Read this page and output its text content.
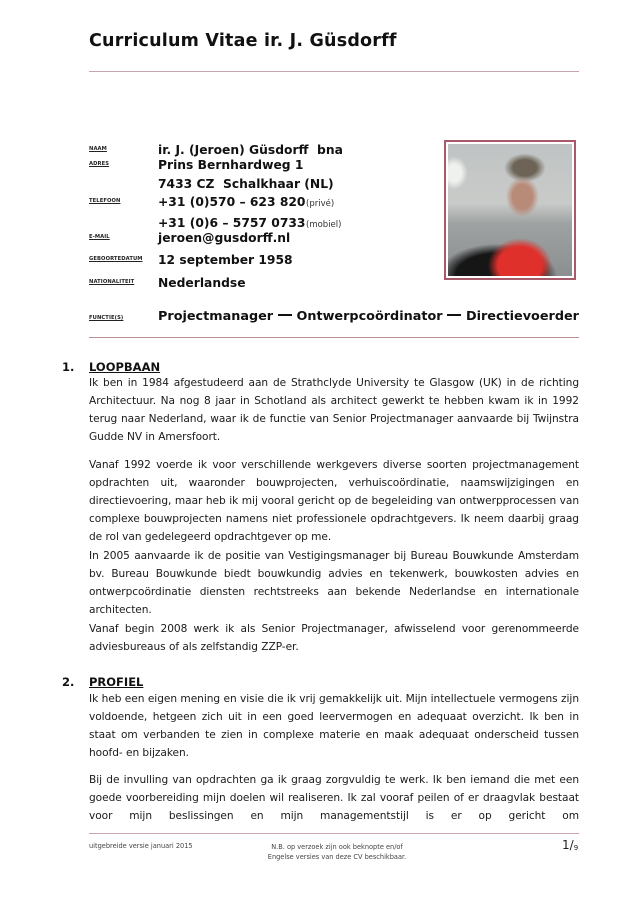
Curriculum Vitae ir. J. Güsdorff
NAAM	ir. J. (Jeroen) Güsdorff  bna
ADRES	Prins Bernhardweg 1
7433 CZ  Schalkhaar (NL)
TELEFOON	+31 (0)570 – 623 820 (privé)
+31 (0)6 – 5757 0733 (mobiel)
E-MAIL	jeroen@gusdorff.nl
GEBOORTEDATUM	12 september 1958
NATIONALITEIT	Nederlandse
FUNCTIE(S)	Projectmanager Ontwerpcoördinator Directievoerder
1.	LOOPBAAN

Ik ben in 1984 afgestudeerd aan de Strathclyde University te Glasgow (UK) in de richting Architectuur. Na nog 8 jaar in Schotland als architect gewerkt te hebben kwam ik in 1992 terug naar Nederland, waar ik de functie van Senior Projectmanager aanvaarde bij Twijnstra Gudde NV in Amersfoort.

Vanaf 1992 voerde ik voor verschillende werkgevers diverse soorten projectmanagement opdrachten uit, waaronder bouwprojecten, verhuiscoördinatie, naamswijzigingen en directievoering, maar heb ik mij vooral gericht op de begeleiding van ontwerpprocessen van complexe bouwprojecten namens niet professionele opdrachtgevers. Ik neem daarbij graag de rol van gedelegeerd opdrachtgever op me.

In 2005 aanvaarde ik de positie van Vestigingsmanager bij Bureau Bouwkunde Amsterdam bv. Bureau Bouwkunde biedt bouwkundig advies en tekenwerk, bouwkosten advies en ontwerpcoördinatie diensten rechtstreeks aan bekende Nederlandse en internationale architecten.

Vanaf begin 2008 werk ik als Senior Projectmanager, afwisselend voor gerenommeerde adviesbureaus of als zelfstandig ZZP-er.

2.	PROFIEL

Ik heb een eigen mening en visie die ik vrij gemakkelijk uit. Mijn intellectuele vermogens zijn voldoende, hetgeen zich uit in een goed leervermogen en adequaat overzicht. Ik ben in staat om verbanden te zien in complexe materie en maak adequaat onderscheid tussen hoofd- en bijzaken.

Bij de invulling van opdrachten ga ik graag zorgvuldig te werk. Ik ben iemand die met een goede voorbereiding mijn doelen wil realiseren. Ik zal vooraf peilen of er draagvlak bestaat voor mijn beslissingen en mijn managementstijl is er op gericht om

uitgebreide versie januari 2015	N.B. op verzoek zijn ook beknopte en/of
Engelse versies van deze CV beschikbaar.
$1/_9$
